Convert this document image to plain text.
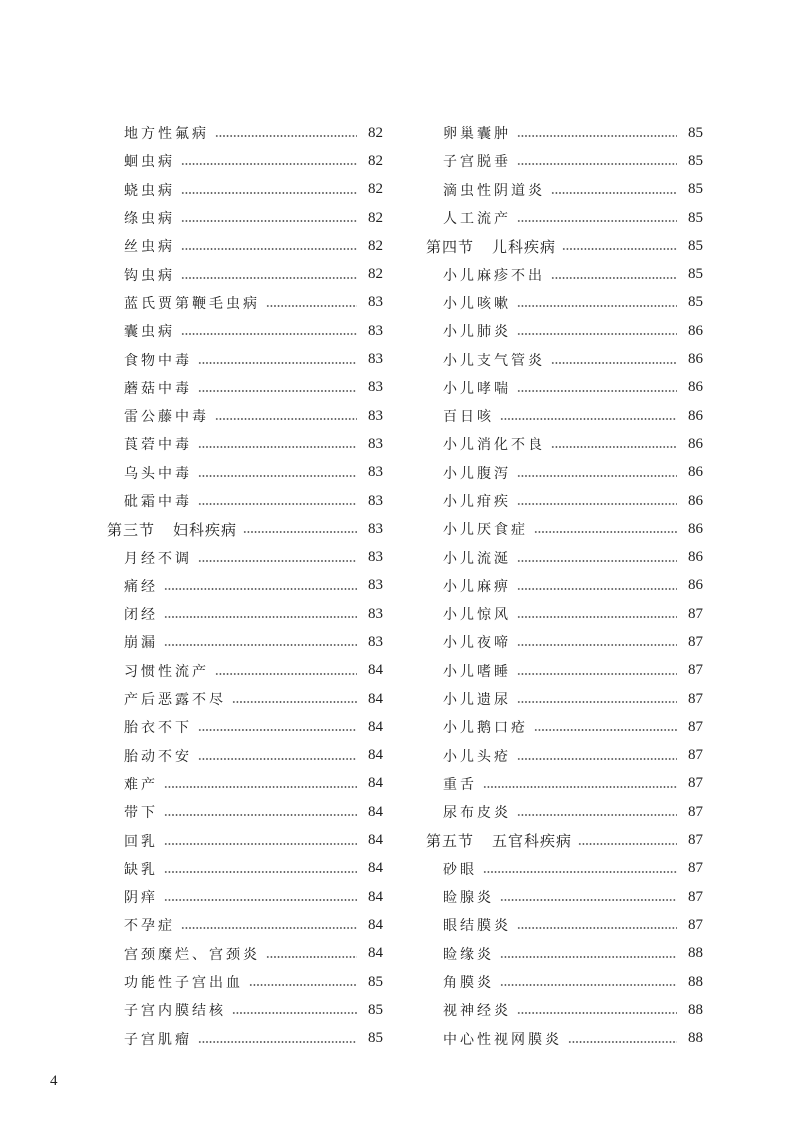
地方性氟病	82
蛔虫病	82
蛲虫病	82
绦虫病	82
丝虫病	82
钩虫病	82
蓝氏贾第鞭毛虫病	83
囊虫病	83
食物中毒	83
蘑菇中毒	83
雷公藤中毒	83
莨菪中毒	83
乌头中毒	83
砒霜中毒	83
第三节 妇科疾病	83
月经不调	83
痛经	83
闭经	83
崩漏	83
习惯性流产	84
产后恶露不尽	84
胎衣不下	84
胎动不安	84
难产	84
带下	84
回乳	84
缺乳	84
阴痒	84
不孕症	84
宫颈糜烂、宫颈炎	84
功能性子宫出血	85
子宫内膜结核	85
子宫肌瘤	85
卵巢囊肿	85
子宫脱垂	85
滴虫性阴道炎	85
人工流产	85
第四节 儿科疾病	85
小儿麻疹不出	85
小儿咳嗽	85
小儿肺炎	86
小儿支气管炎	86
小儿哮喘	86
百日咳	86
小儿消化不良	86
小儿腹泻	86
小儿疳疾	86
小儿厌食症	86
小儿流涎	86
小儿麻痹	86
小儿惊风	87
小儿夜啼	87
小儿嗜睡	87
小儿遗尿	87
小儿鹅口疮	87
小儿头疮	87
重舌	87
尿布皮炎	87
第五节 五官科疾病	87
砂眼	87
睑腺炎	87
眼结膜炎	87
睑缘炎	88
角膜炎	88
视神经炎	88
中心性视网膜炎	88
4
